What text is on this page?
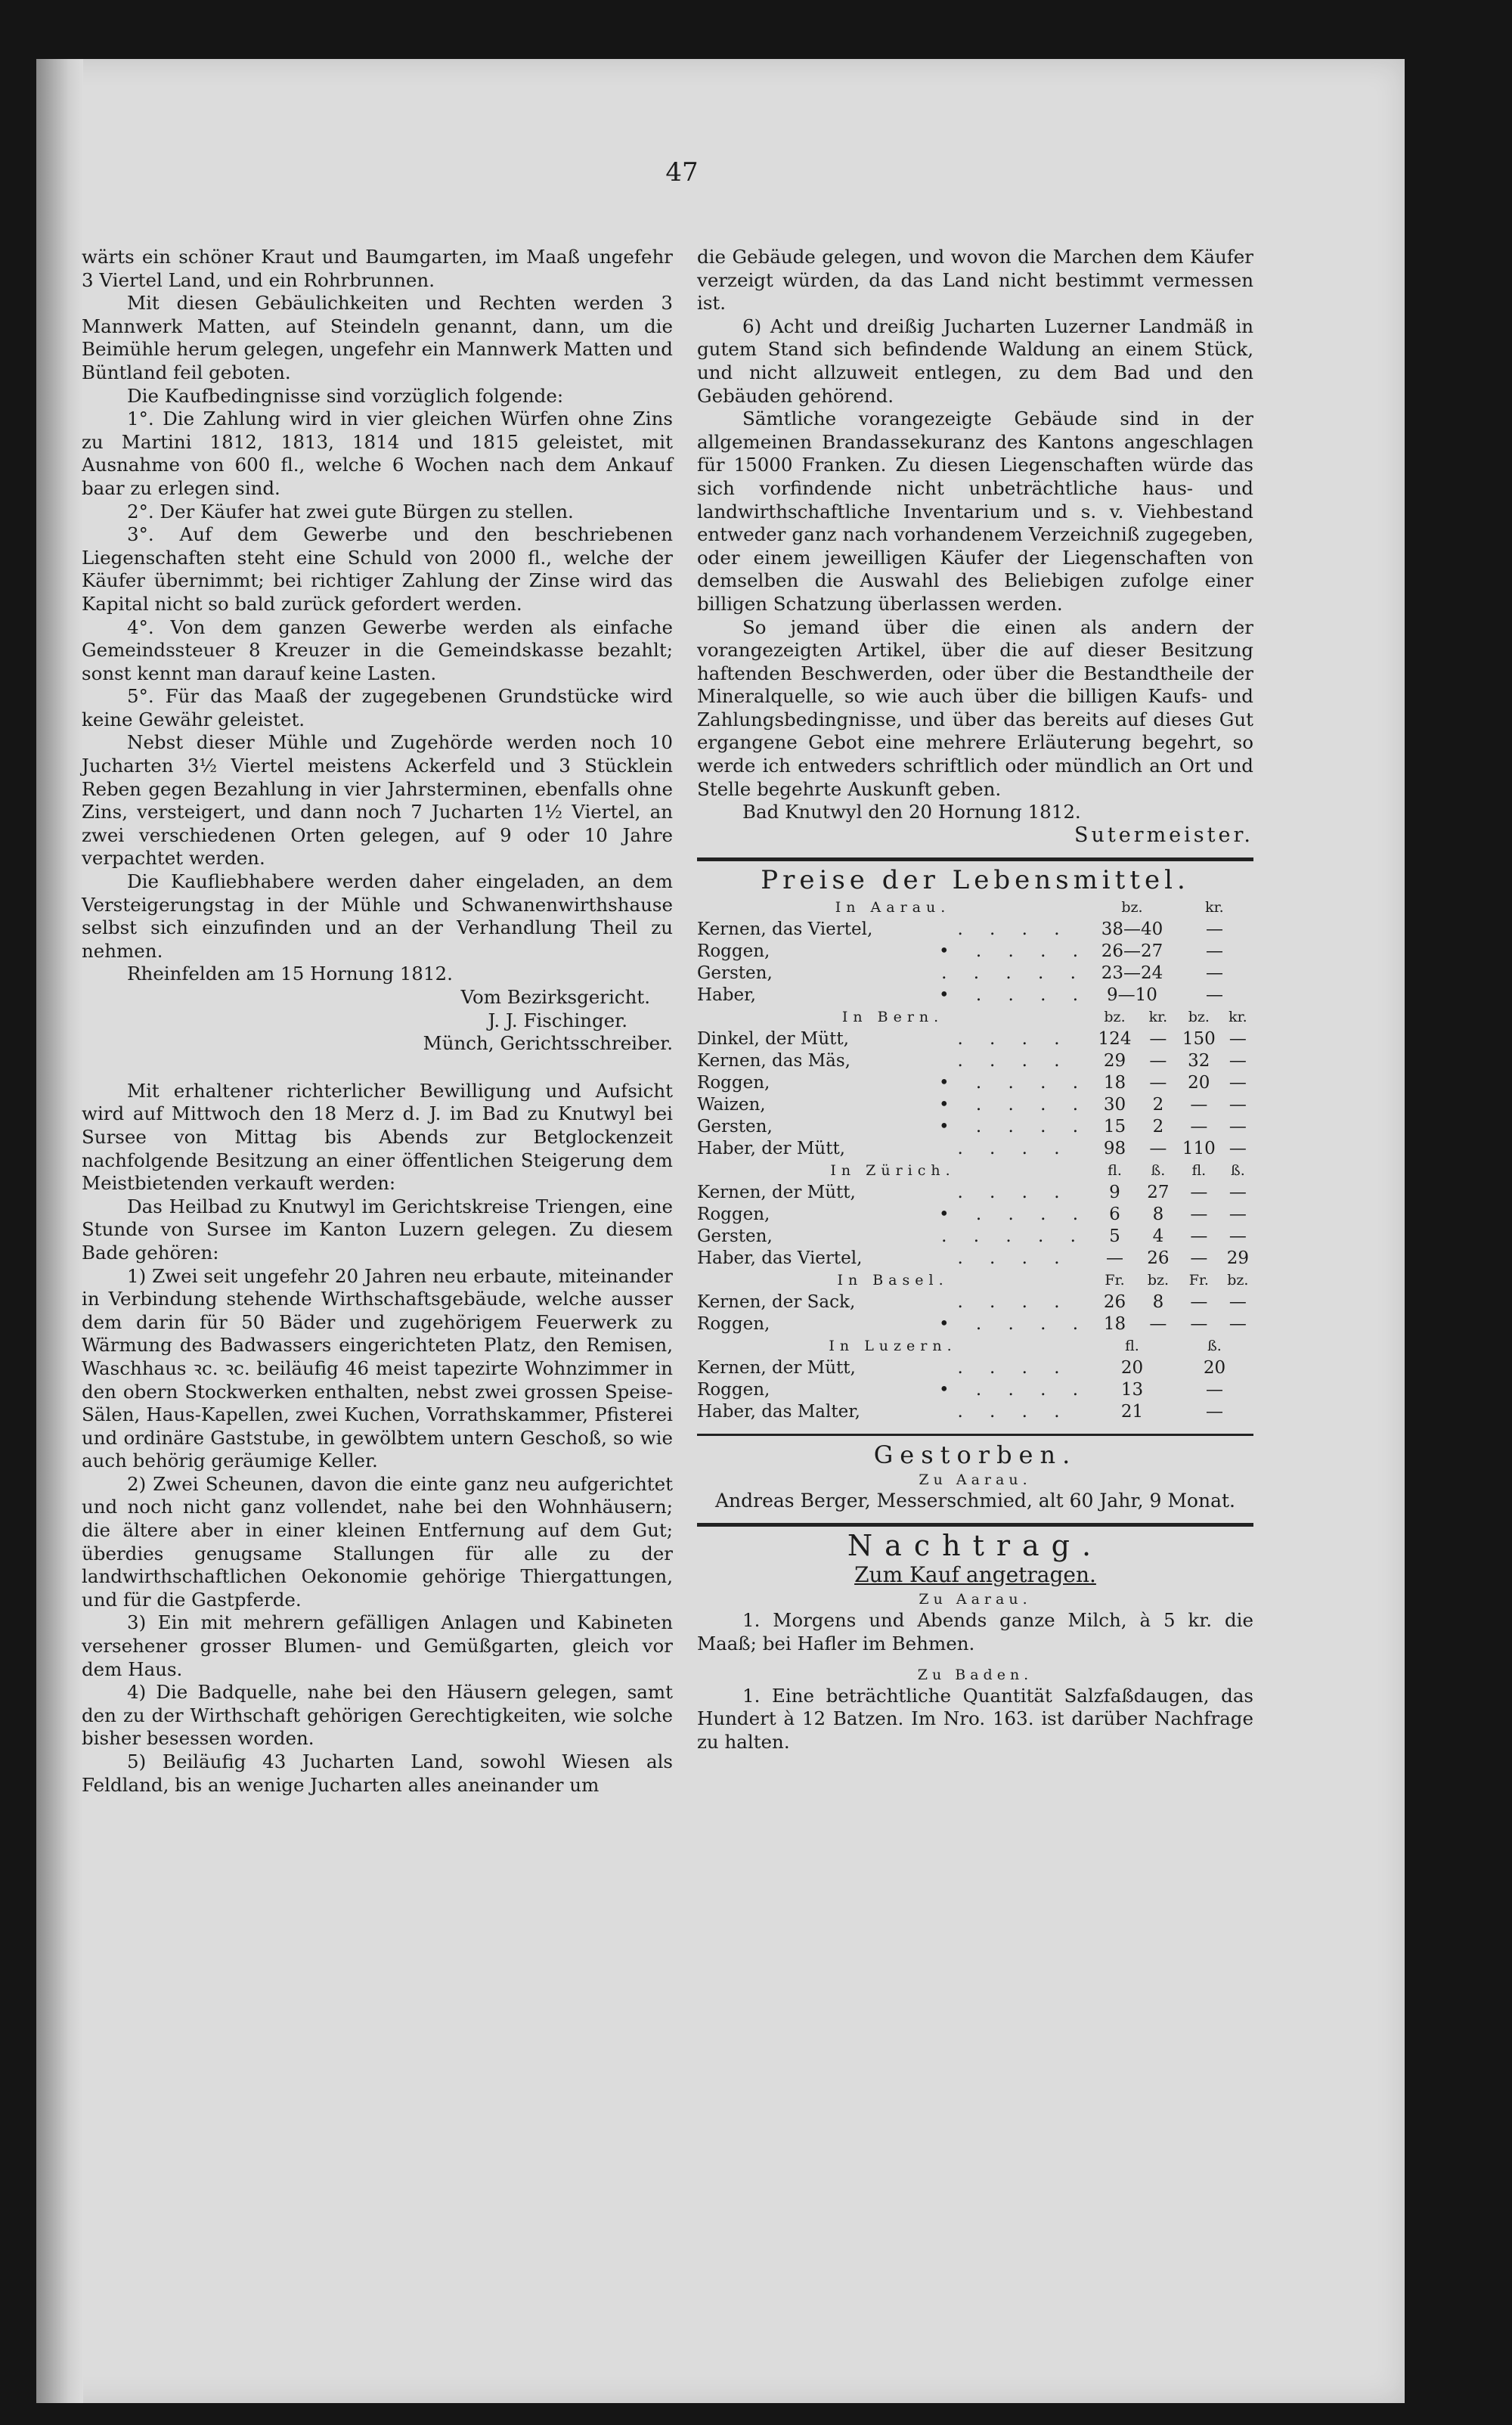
47

wärts ein schöner Kraut und Baumgarten, im Maaß ungefehr 3 Viertel Land, und ein Rohrbrunnen.

Mit diesen Gebäulichkeiten und Rechten werden 3 Mannwerk Matten, auf Steindeln genannt, dann, um die Beimühle herum gelegen, ungefehr ein Mannwerk Matten und Büntland feil geboten.

Die Kaufbedingnisse sind vorzüglich folgende:

1°. Die Zahlung wird in vier gleichen Würfen ohne Zins zu Martini 1812, 1813, 1814 und 1815 geleistet, mit Ausnahme von 600 fl., welche 6 Wochen nach dem Ankauf baar zu erlegen sind.

2°. Der Käufer hat zwei gute Bürgen zu stellen.

3°. Auf dem Gewerbe und den beschriebenen Liegenschaften steht eine Schuld von 2000 fl., welche der Käufer übernimmt; bei richtiger Zahlung der Zinse wird das Kapital nicht so bald zurück gefordert werden.

4°. Von dem ganzen Gewerbe werden als einfache Gemeindssteuer 8 Kreuzer in die Gemeindskasse bezahlt; sonst kennt man darauf keine Lasten.

5°. Für das Maaß der zugegebenen Grundstücke wird keine Gewähr geleistet.

Nebst dieser Mühle und Zugehörde werden noch 10 Jucharten 3½ Viertel meistens Ackerfeld und 3 Stücklein Reben gegen Bezahlung in vier Jahrsterminen, ebenfalls ohne Zins, versteigert, und dann noch 7 Jucharten 1½ Viertel, an zwei verschiedenen Orten gelegen, auf 9 oder 10 Jahre verpachtet werden.

Die Kaufliebhabere werden daher eingeladen, an dem Versteigerungstag in der Mühle und Schwanenwirthshause selbst sich einzufinden und an der Verhandlung Theil zu nehmen.

Rheinfelden am 15 Hornung 1812.

Vom Bezirksgericht.

J. J. Fischinger.

Münch, Gerichtsschreiber.

Mit erhaltener richterlicher Bewilligung und Aufsicht wird auf Mittwoch den 18 Merz d. J. im Bad zu Knutwyl bei Sursee von Mittag bis Abends zur Betglockenzeit nachfolgende Besitzung an einer öffentlichen Steigerung dem Meistbietenden verkauft werden:

Das Heilbad zu Knutwyl im Gerichtskreise Triengen, eine Stunde von Sursee im Kanton Luzern gelegen. Zu diesem Bade gehören:

1) Zwei seit ungefehr 20 Jahren neu erbaute, miteinander in Verbindung stehende Wirthschaftsgebäude, welche ausser dem darin für 50 Bäder und zugehörigem Feuerwerk zu Wärmung des Badwassers eingerichteten Platz, den Remisen, Waschhaus ꝛc. ꝛc. beiläufig 46 meist tapezirte Wohnzimmer in den obern Stockwerken enthalten, nebst zwei grossen Speise-Sälen, Haus-Kapellen, zwei Kuchen, Vorrathskammer, Pfisterei und ordinäre Gaststube, in gewölbtem untern Geschoß, so wie auch behörig geräumige Keller.

2) Zwei Scheunen, davon die einte ganz neu aufgerichtet und noch nicht ganz vollendet, nahe bei den Wohnhäusern; die ältere aber in einer kleinen Entfernung auf dem Gut; überdies genugsame Stallungen für alle zu der landwirthschaftlichen Oekonomie gehörige Thiergattungen, und für die Gastpferde.

3) Ein mit mehrern gefälligen Anlagen und Kabineten versehener grosser Blumen- und Gemüßgarten, gleich vor dem Haus.

4) Die Badquelle, nahe bei den Häusern gelegen, samt den zu der Wirthschaft gehörigen Gerechtigkeiten, wie solche bisher besessen worden.

5) Beiläufig 43 Jucharten Land, sowohl Wiesen als Feldland, bis an wenige Jucharten alles aneinander um

die Gebäude gelegen, und wovon die Marchen dem Käufer verzeigt würden, da das Land nicht bestimmt vermessen ist.

6) Acht und dreißig Jucharten Luzerner Landmäß in gutem Stand sich befindende Waldung an einem Stück, und nicht allzuweit entlegen, zu dem Bad und den Gebäuden gehörend.

Sämtliche vorangezeigte Gebäude sind in der allgemeinen Brandassekuranz des Kantons angeschlagen für 15000 Franken. Zu diesen Liegenschaften würde das sich vorfindende nicht unbeträchtliche haus- und landwirthschaftliche Inventarium und s. v. Viehbestand entweder ganz nach vorhandenem Verzeichniß zugegeben, oder einem jeweilligen Käufer der Liegenschaften von demselben die Auswahl des Beliebigen zufolge einer billigen Schatzung überlassen werden.

So jemand über die einen als andern der vorangezeigten Artikel, über die auf dieser Besitzung haftenden Beschwerden, oder über die Bestandtheile der Mineralquelle, so wie auch über die billigen Kaufs- und Zahlungsbedingnisse, und über das bereits auf dieses Gut ergangene Gebot eine mehrere Erläuterung begehrt, so werde ich entweders schriftlich oder mündlich an Ort und Stelle begehrte Auskunft geben.

Bad Knutwyl den 20 Hornung 1812.

Sutermeister.

Preise der Lebensmittel.
In Aarau.		bz.		kr.	
Kernen, das Viertel,	. . . .	38—40		—	
Roggen,	• . . . .	26—27		—	
Gersten,	. . . . .	23—24		—	
Haber,	• . . . .	9—10		—	
In Bern.		bz.	kr.	bz.	kr.
Dinkel, der Mütt,	. . . .	124	—	150	—
Kernen, das Mäs,	. . . .	29	—	32	—
Roggen,	• . . . .	18	—	20	—
Waizen,	• . . . .	30	2	—	—
Gersten,	• . . . .	15	2	—	—
Haber, der Mütt,	. . . .	98	—	110	—
In Zürich.		fl.	ß.	fl.	ß.
Kernen, der Mütt,	. . . .	9	27	—	—
Roggen,	• . . . .	6	8	—	—
Gersten,	. . . . .	5	4	—	—
Haber, das Viertel,	. . . .	—	26	—	29
In Basel.		Fr.	bz.	Fr.	bz.
Kernen, der Sack,	. . . .	26	8	—	—
Roggen,	• . . . .	18	—	—	—
In Luzern.		fl.		ß.	
Kernen, der Mütt,	. . . .	20		20	
Roggen,	• . . . .	13		—	
Haber, das Malter,	. . . .	21		—	
Gestorben.
Zu Aarau.

Andreas Berger, Messerschmied, alt 60 Jahr, 9 Monat.

Nachtrag.
Zum Kauf angetragen.
Zu Aarau.

1. Morgens und Abends ganze Milch, à 5 kr. die Maaß; bei Hafler im Behmen.

Zu Baden.

1. Eine beträchtliche Quantität Salzfaßdaugen, das Hundert à 12 Batzen. Im Nro. 163. ist darüber Nachfrage zu halten.
